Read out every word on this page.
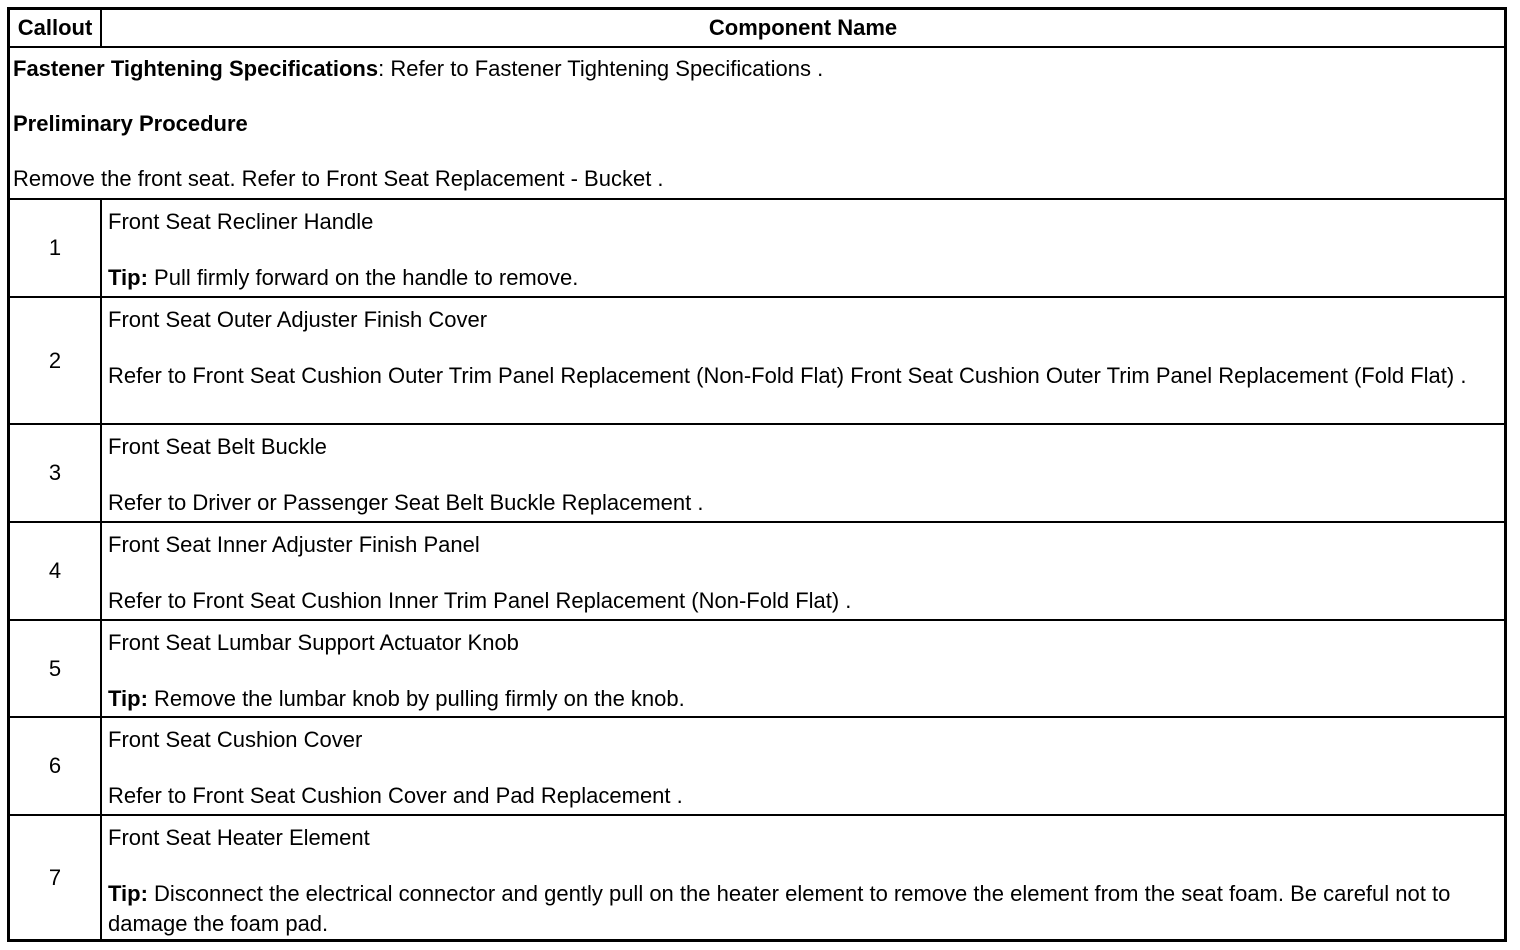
Callout	Component Name

Fastener Tightening Specifications: Refer to Fastener Tightening Specifications .

Preliminary Procedure

Remove the front seat. Refer to Front Seat Replacement - Bucket .

1

Front Seat Recliner Handle

Tip: Pull firmly forward on the handle to remove.

2

Front Seat Outer Adjuster Finish Cover

Refer to Front Seat Cushion Outer Trim Panel Replacement (Non-Fold Flat) Front Seat Cushion Outer Trim Panel Replacement (Fold Flat) .

3

Front Seat Belt Buckle

Refer to Driver or Passenger Seat Belt Buckle Replacement .

4

Front Seat Inner Adjuster Finish Panel

Refer to Front Seat Cushion Inner Trim Panel Replacement (Non-Fold Flat) .

5

Front Seat Lumbar Support Actuator Knob

Tip: Remove the lumbar knob by pulling firmly on the knob.

6

Front Seat Cushion Cover

Refer to Front Seat Cushion Cover and Pad Replacement .

7

Front Seat Heater Element

Tip: Disconnect the electrical connector and gently pull on the heater element to remove the element from the seat foam. Be careful not to damage the foam pad.
